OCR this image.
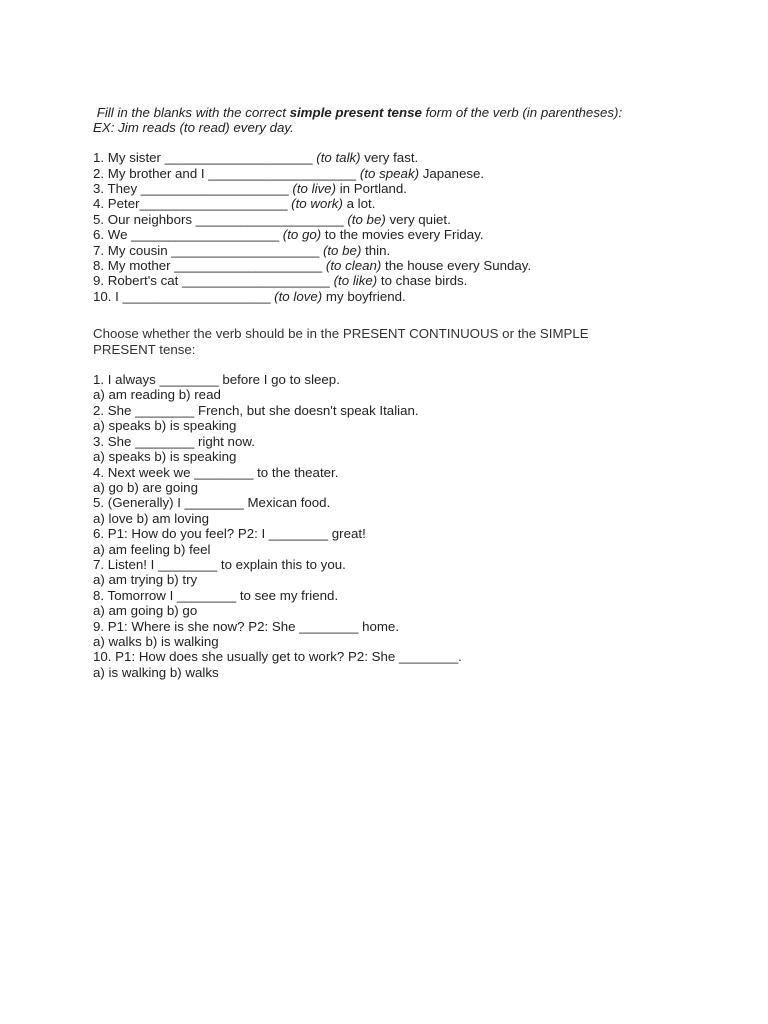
Fill in the blanks with the correct simple present tense form of the verb (in parentheses):
EX: Jim reads (to read) every day.
1. My sister ____________________ (to talk) very fast.
2. My brother and I ____________________ (to speak) Japanese.
3. They ____________________ (to live) in Portland.
4. Peter____________________ (to work) a lot.
5. Our neighbors ____________________ (to be) very quiet.
6. We ____________________ (to go) to the movies every Friday.
7. My cousin ____________________ (to be) thin.
8. My mother ____________________ (to clean) the house every Sunday.
9. Robert's cat ____________________ (to like) to chase birds.
10. I ____________________ (to love) my boyfriend.
Choose whether the verb should be in the PRESENT CONTINUOUS or the SIMPLE
PRESENT tense:
1. I always ________ before I go to sleep.
a) am reading b) read
2. She ________ French, but she doesn't speak Italian.
a) speaks b) is speaking
3. She ________ right now.
a) speaks b) is speaking
4. Next week we ________ to the theater.
a) go b) are going
5. (Generally) I ________ Mexican food.
a) love b) am loving
6. P1: How do you feel? P2: I ________ great!
a) am feeling b) feel
7. Listen! I ________ to explain this to you.
a) am trying b) try
8. Tomorrow I ________ to see my friend.
a) am going b) go
9. P1: Where is she now? P2: She ________ home.
a) walks b) is walking
10. P1: How does she usually get to work? P2: She ________.
a) is walking b) walks
